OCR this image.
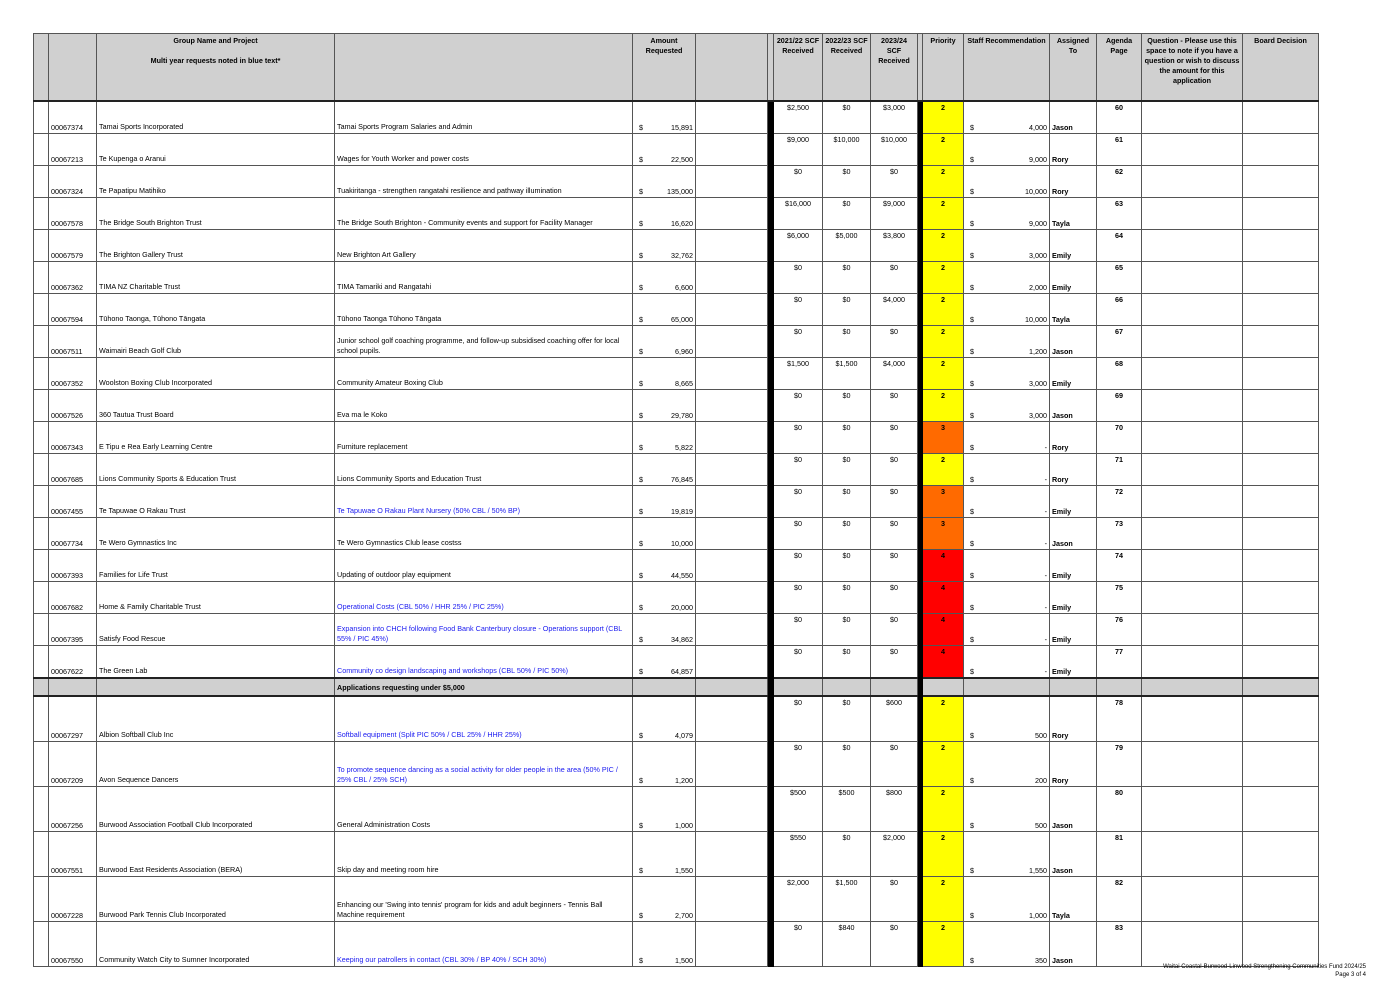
		Group Name and Project

Multi year requests noted in blue text*		Amount Requested			2021/22 SCF Received	2022/23 SCF Received	2023/24 SCF Received		Priority	Staff Recommendation	Assigned To	Agenda Page	Question - Please use this space to note if you have a question or wish to discuss the amount for this application	Board Decision
	00067374	Tamai Sports Incorporated	Tamai Sports Program Salaries and Admin	$ 15,891			$2,500	$0	$3,000		2	$ 4,000	Jason	60		
	00067213	Te Kupenga o Aranui	Wages for Youth Worker and power costs	$ 22,500			$9,000	$10,000	$10,000		2	$ 9,000	Rory	61		
	00067324	Te Papatipu Matihiko	Tuakiritanga - strengthen rangatahi resilience and pathway illumination	$ 135,000			$0	$0	$0		2	$ 10,000	Rory	62		
	00067578	The Bridge South Brighton Trust	The Bridge South Brighton - Community events and support for Facility Manager	$ 16,620			$16,000	$0	$9,000		2	$ 9,000	Tayla	63		
	00067579	The Brighton Gallery Trust	New Brighton Art Gallery	$ 32,762			$6,000	$5,000	$3,800		2	$ 3,000	Emily	64		
	00067362	TIMA NZ Charitable Trust	TIMA Tamariki and Rangatahi	$ 6,600			$0	$0	$0		2	$ 2,000	Emily	65		
	00067594	Tūhono Taonga, Tūhono Tāngata	Tūhono Taonga Tūhono Tāngata	$ 65,000			$0	$0	$4,000		2	$ 10,000	Tayla	66		
	00067511	Waimairi Beach Golf Club	Junior school golf coaching programme, and follow-up subsidised coaching offer for local school pupils.	$ 6,960			$0	$0	$0		2	$ 1,200	Jason	67		
	00067352	Woolston Boxing Club Incorporated	Community Amateur Boxing Club	$ 8,665			$1,500	$1,500	$4,000		2	$ 3,000	Emily	68		
	00067526	360 Tautua Trust Board	Eva ma le Koko	$ 29,780			$0	$0	$0		2	$ 3,000	Jason	69		
	00067343	E Tipu e Rea Early Learning Centre	Furniture replacement	$ 5,822			$0	$0	$0		3	$ -	Rory	70		
	00067685	Lions Community Sports & Education Trust	Lions Community Sports and Education Trust	$ 76,845			$0	$0	$0		2	$ -	Rory	71		
	00067455	Te Tapuwae O Rakau Trust	Te Tapuwae O Rakau Plant Nursery (50% CBL / 50% BP)	$ 19,819			$0	$0	$0		3	$ -	Emily	72		
	00067734	Te Wero Gymnastics Inc	Te Wero Gymnastics Club lease costss	$ 10,000			$0	$0	$0		3	$ -	Jason	73		
	00067393	Families for Life Trust	Updating of outdoor play equipment	$ 44,550			$0	$0	$0		4	$ -	Emily	74		
	00067682	Home & Family Charitable Trust	Operational Costs (CBL 50% / HHR 25% / PIC 25%)	$ 20,000			$0	$0	$0		4	$ -	Emily	75		
	00067395	Satisfy Food Rescue	Expansion into CHCH following Food Bank Canterbury closure - Operations support (CBL 55% / PIC 45%)	$ 34,862			$0	$0	$0		4	$ -	Emily	76		
	00067622	The Green Lab	Community co design landscaping and workshops (CBL 50% / PIC 50%)	$ 64,857			$0	$0	$0		4	$ -	Emily	77		
			Applications requesting under $5,000													
	00067297	Albion Softball Club Inc	Softball equipment (Split PIC 50% / CBL 25% / HHR 25%)	$ 4,079			$0	$0	$600		2	$ 500	Rory	78		
	00067209	Avon Sequence Dancers	To promote sequence dancing as a social activity for older people in the area (50% PIC / 25% CBL / 25% SCH)	$ 1,200			$0	$0	$0		2	$ 200	Rory	79		
	00067256	Burwood Association Football Club Incorporated	General Administration Costs	$ 1,000			$500	$500	$800		2	$ 500	Jason	80		
	00067551	Burwood East Residents Association (BERA)	Skip day and meeting room hire	$ 1,550			$550	$0	$2,000		2	$ 1,550	Jason	81		
	00067228	Burwood Park Tennis Club Incorporated	Enhancing our 'Swing into tennis' program for kids and adult beginners - Tennis Ball Machine requirement	$ 2,700			$2,000	$1,500	$0		2	$ 1,000	Tayla	82		
	00067550	Community Watch City to Sumner Incorporated	Keeping our patrollers in contact (CBL 30% / BP 40% / SCH 30%)	$ 1,500			$0	$840	$0		2	$ 350	Jason	83		
Waitai Coastal-Burwood-Linwood Strengthening Communities Fund 2024/25
Page 3 of 4
